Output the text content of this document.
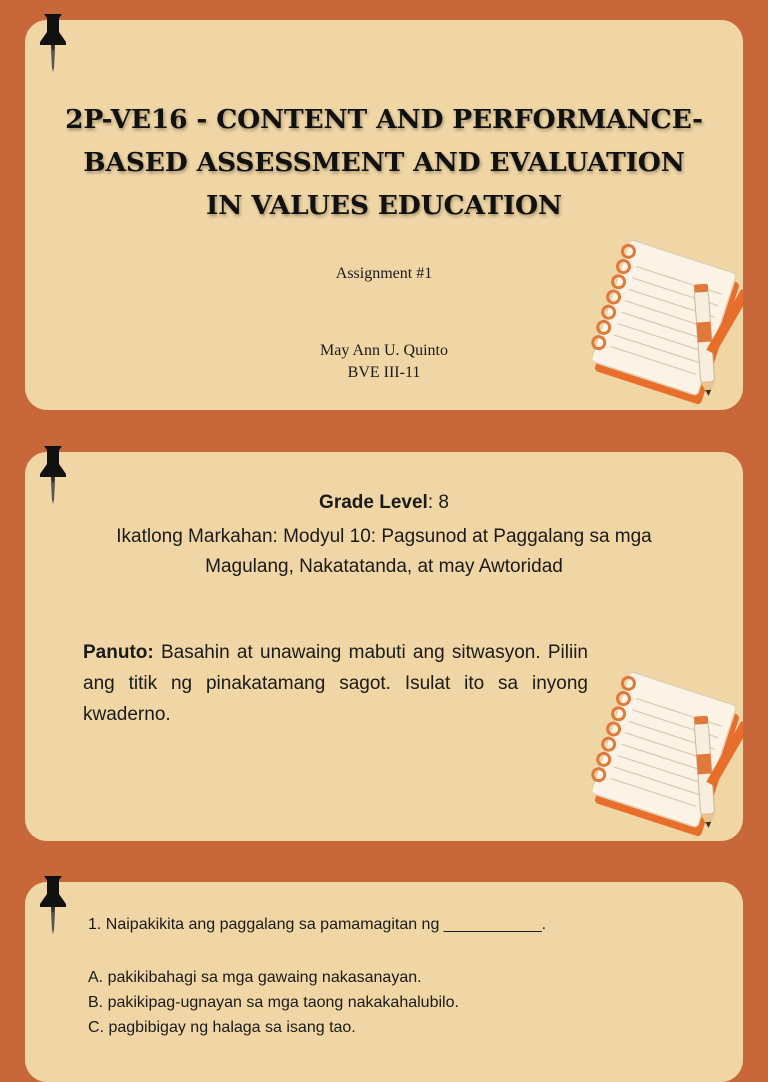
2P-VE16 - CONTENT AND PERFORMANCE-
BASED ASSESSMENT AND EVALUATION
IN VALUES EDUCATION
Assignment #1
May Ann U. Quinto
BVE III-11
Grade Level: 8
Ikatlong Markahan: Modyul 10: Pagsunod at Paggalang sa mga
Magulang, Nakatatanda, at may Awtoridad
Panuto: Basahin at unawaing mabuti ang sitwasyon. Piliin ang titik ng pinakatamang sagot. Isulat ito sa inyong kwaderno.
1. Naipakikita ang paggalang sa pamamagitan ng ___________.
A. pakikibahagi sa mga gawaing nakasanayan.
B. pakikipag-ugnayan sa mga taong nakakahalubilo.
C. pagbibigay ng halaga sa isang tao.
